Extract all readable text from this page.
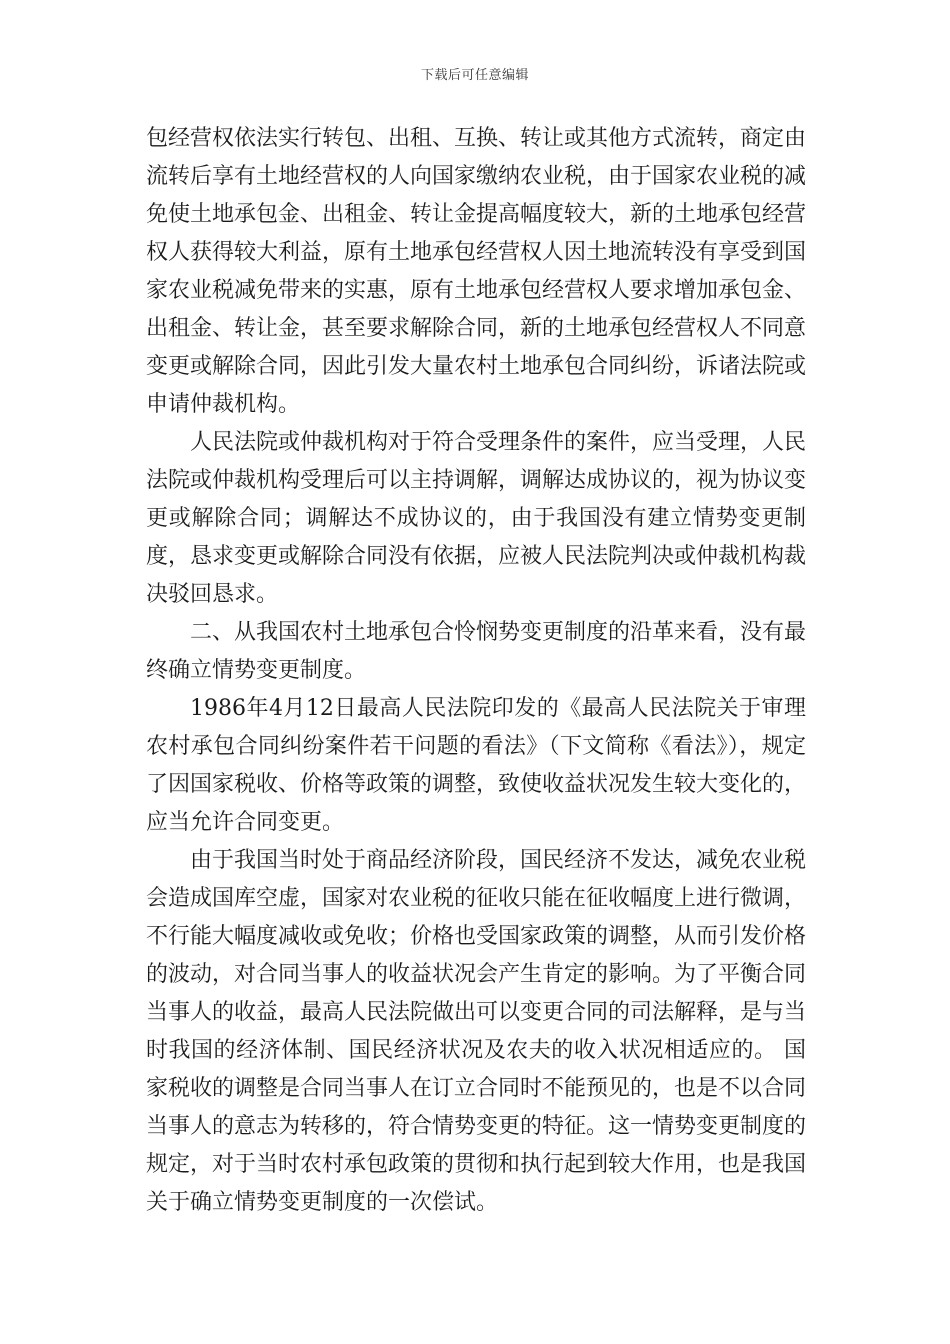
下载后可任意编辑

包经营权依法实行转包、出租、互换、转让或其他方式流转，商定由流转后享有土地经营权的人向国家缴纳农业税，由于国家农业税的减免使土地承包金、出租金、转让金提高幅度较大，新的土地承包经营权人获得较大利益，原有土地承包经营权人因土地流转没有享受到国家农业税减免带来的实惠，原有土地承包经营权人要求增加承包金、出租金、转让金，甚至要求解除合同，新的土地承包经营权人不同意变更或解除合同，因此引发大量农村土地承包合同纠纷，诉诸法院或申请仲裁机构。

人民法院或仲裁机构对于符合受理条件的案件，应当受理，人民法院或仲裁机构受理后可以主持调解，调解达成协议的，视为协议变更或解除合同；调解达不成协议的，由于我国没有建立情势变更制度，恳求变更或解除合同没有依据，应被人民法院判决或仲裁机构裁决驳回恳求。

二、从我国农村土地承包合怜悯势变更制度的沿革来看，没有最终确立情势变更制度。

1986年4月12日最高人民法院印发的《最高人民法院关于审理农村承包合同纠纷案件若干问题的看法》（下文简称《看法》），规定了因国家税收、价格等政策的调整，致使收益状况发生较大变化的，应当允许合同变更。

由于我国当时处于商品经济阶段，国民经济不发达，减免农业税会造成国库空虚，国家对农业税的征收只能在征收幅度上进行微调，不行能大幅度减收或免收；价格也受国家政策的调整，从而引发价格的波动，对合同当事人的收益状况会产生肯定的影响。为了平衡合同当事人的收益，最高人民法院做出可以变更合同的司法解释，是与当时我国的经济体制、国民经济状况及农夫的收入状况相适应的。 国家税收的调整是合同当事人在订立合同时不能预见的，也是不以合同当事人的意志为转移的，符合情势变更的特征。这一情势变更制度的规定，对于当时农村承包政策的贯彻和执行起到较大作用，也是我国关于确立情势变更制度的一次偿试。
